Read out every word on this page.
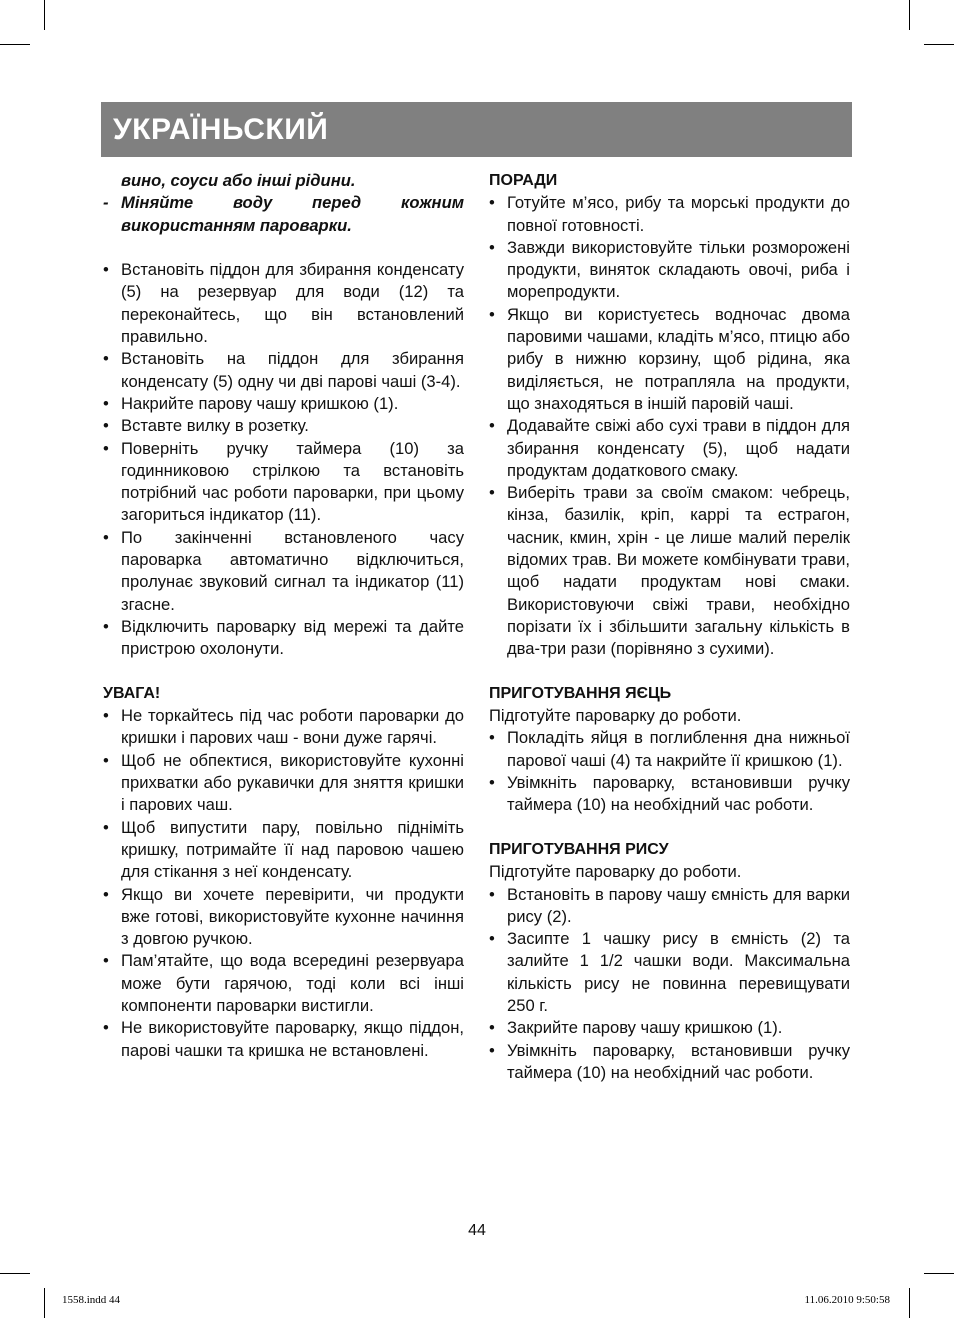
УКРАЇНЬСКИЙ
вино, соуси або інші рідини.
- Міняйте воду перед кожним використанням пароварки.
• Встановіть піддон для збирання конденсату (5) на резервуар для води (12) та переконайтесь, що він встановлений правильно.
• Встановіть на піддон для збирання конденсату (5) одну чи дві парові чаші (3-4).
• Накрийте парову чашу кришкою (1).
• Вставте вилку в розетку.
• Поверніть ручку таймера (10) за годинниковою стрілкою та встановіть потрібний час роботи пароварки, при цьому загориться індикатор (11).
• По закінченні встановленого часу пароварка автоматично відключиться, пролунає звуковий сигнал та індикатор (11) згасне.
• Відключить пароварку від мережі та дайте пристрою охолонути.
УВАГА!
• Не торкайтесь під час роботи пароварки до кришки і парових чаш - вони дуже гарячі.
• Щоб не обпектися, використовуйте кухонні прихватки або рукавички для зняття кришки і парових чаш.
• Щоб випустити пару, повільно підніміть кришку, потримайте її над паровою чашею для стікання з неї конденсату.
• Якщо ви хочете перевірити, чи продукти вже готові, використовуйте кухонне начиння з довгою ручкою.
• Пам’ятайте, що вода всередині резервуара може бути гарячою, тоді коли всі інші компоненти пароварки вистигли.
• Не використовуйте пароварку, якщо піддон, парові чашки та кришка не встановлені.
ПОРАДИ
• Готуйте м’ясо, рибу та морські продукти до повної готовності.
• Завжди використовуйте тільки розморожені продукти, виняток складають овочі, риба і морепродукти.
• Якщо ви користуєтесь водночас двома паровими чашами, кладіть м’ясо, птицю або рибу в нижню корзину, щоб рідина, яка виділяється, не потрапляла на продукти, що знаходяться в іншій паровій чаші.
• Додавайте свіжі або сухі трави в піддон для збирання конденсату (5), щоб надати продуктам додаткового смаку.
• Виберіть трави за своїм смаком: чебрець, кінза, базилік, кріп, каррі та естрагон, часник, кмин, хрін - це лише малий перелік відомих трав. Ви можете комбінувати трави, щоб надати продуктам нові смаки. Використовуючи свіжі трави, необхідно порізати їх і збільшити загальну кількість в два-три рази (порівняно з сухими).
ПРИГОТУВАННЯ ЯЄЦЬ
Підготуйте пароварку до роботи.
• Покладіть яйця в поглиблення дна нижньої парової чаші (4) та накрийте її кришкою (1).
• Увімкніть пароварку, встановивши ручку таймера (10) на необхідний час роботи.
ПРИГОТУВАННЯ РИСУ
Підготуйте пароварку до роботи.
• Встановіть в парову чашу ємність для варки рису (2).
• Засипте 1 чашку рису в ємність (2) та залийте 1 1/2 чашки води. Максимальна кількість рису не повинна перевищувати 250 г.
• Закрийте парову чашу кришкою (1).
• Увімкніть пароварку, встановивши ручку таймера (10) на необхідний час роботи.
44
1558.indd 44	11.06.2010 9:50:58
